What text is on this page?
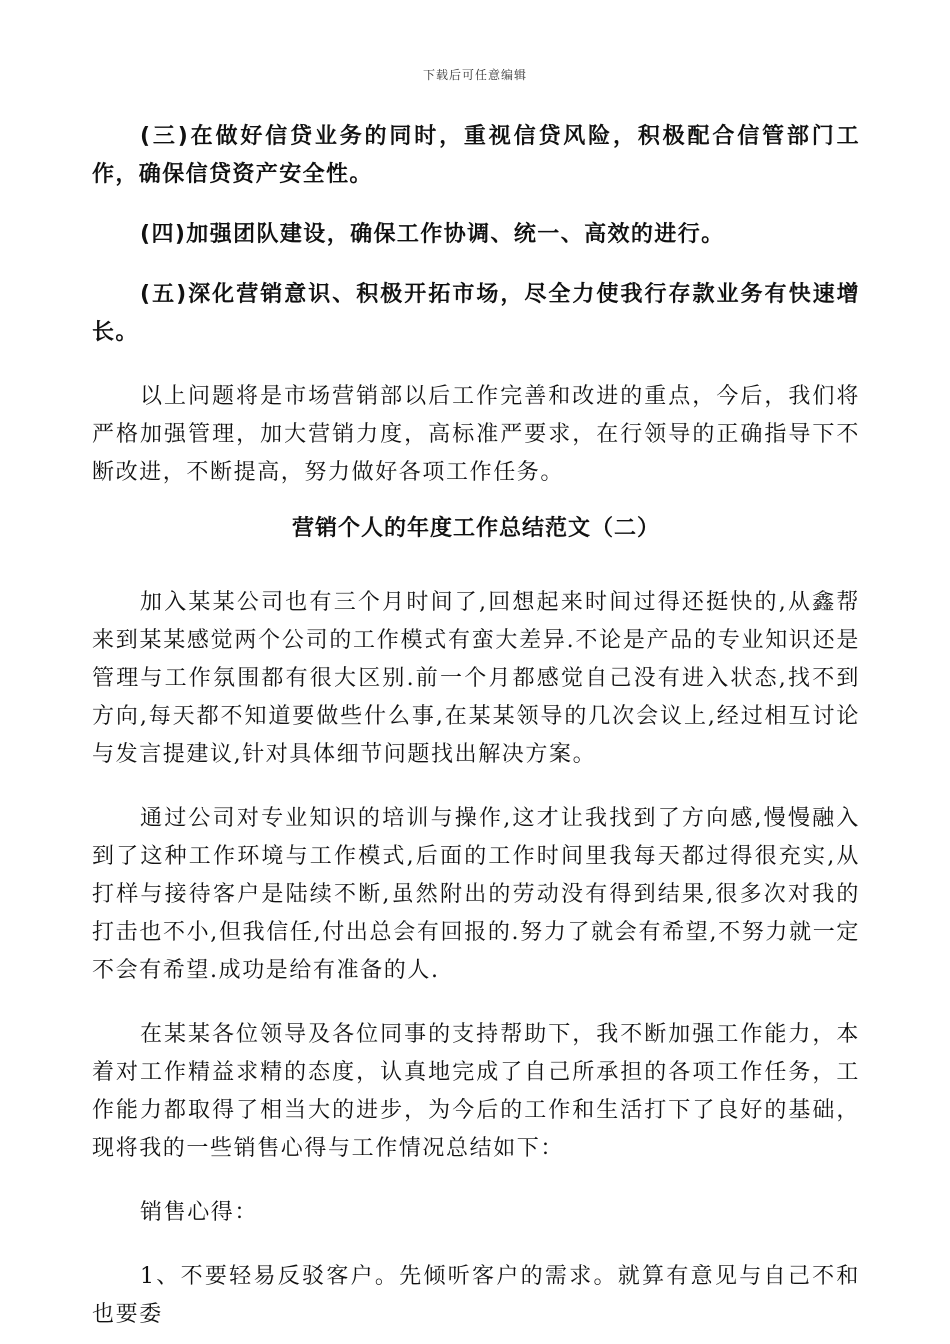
下载后可任意编辑

(三)在做好信贷业务的同时，重视信贷风险，积极配合信管部门工作，确保信贷资产安全性。

(四)加强团队建设，确保工作协调、统一、高效的进行。

(五)深化营销意识、积极开拓市场，尽全力使我行存款业务有快速增长。

以上问题将是市场营销部以后工作完善和改进的重点，今后，我们将严格加强管理，加大营销力度，高标准严要求，在行领导的正确指导下不断改进，不断提高，努力做好各项工作任务。

营销个人的年度工作总结范文（二）

加入某某公司也有三个月时间了,回想起来时间过得还挺快的,从鑫帮来到某某感觉两个公司的工作模式有蛮大差异.不论是产品的专业知识还是管理与工作氛围都有很大区别.前一个月都感觉自己没有进入状态,找不到方向,每天都不知道要做些什么事,在某某领导的几次会议上,经过相互讨论与发言提建议,针对具体细节问题找出解决方案。

通过公司对专业知识的培训与操作,这才让我找到了方向感,慢慢融入到了这种工作环境与工作模式,后面的工作时间里我每天都过得很充实,从打样与接待客户是陆续不断,虽然附出的劳动没有得到结果,很多次对我的打击也不小,但我信任,付出总会有回报的.努力了就会有希望,不努力就一定不会有希望.成功是给有准备的人.

在某某各位领导及各位同事的支持帮助下，我不断加强工作能力，本着对工作精益求精的态度，认真地完成了自己所承担的各项工作任务，工作能力都取得了相当大的进步，为今后的工作和生活打下了良好的基础，现将我的一些销售心得与工作情况总结如下：

销售心得：

1、不要轻易反驳客户。先倾听客户的需求。就算有意见与自己不和也要委
